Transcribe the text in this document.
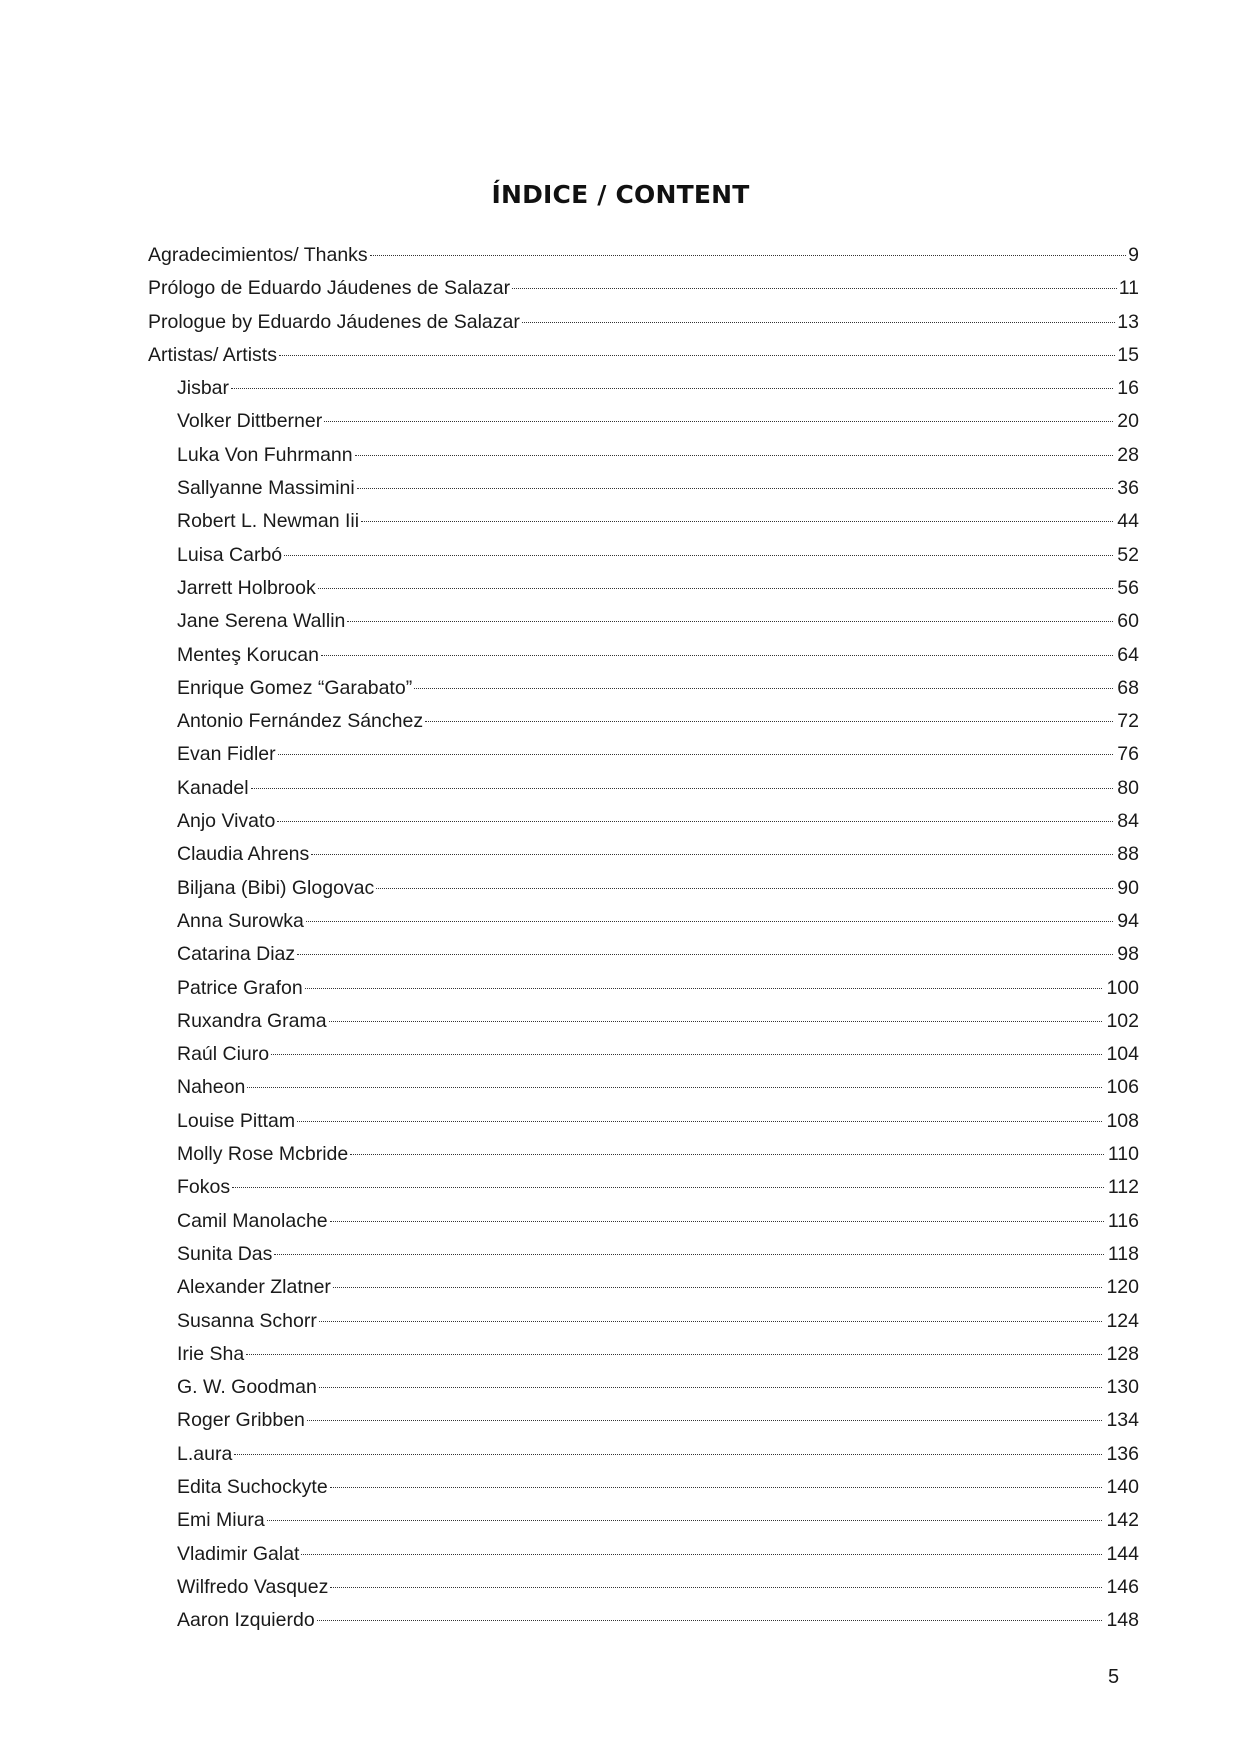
ÍNDICE / CONTENT
Agradecimientos/ Thanks	9
Prólogo de Eduardo Jáudenes de Salazar	11
Prologue by Eduardo Jáudenes de Salazar	13
Artistas/ Artists	15
Jisbar	16
Volker Dittberner	20
Luka Von Fuhrmann	28
Sallyanne Massimini	36
Robert L. Newman Iii	44
Luisa Carbó	52
Jarrett Holbrook	56
Jane Serena Wallin	60
Menteş Korucan	64
Enrique Gomez “Garabato”	68
Antonio Fernández Sánchez	72
Evan Fidler	76
Kanadel	80
Anjo Vivato	84
Claudia Ahrens	88
Biljana (Bibi) Glogovac	90
Anna Surowka	94
Catarina Diaz	98
Patrice Grafon	100
Ruxandra Grama	102
Raúl Ciuro	104
Naheon	106
Louise Pittam	108
Molly Rose Mcbride	110
Fokos	112
Camil Manolache	116
Sunita Das	118
Alexander Zlatner	120
Susanna Schorr	124
Irie Sha	128
G. W. Goodman	130
Roger Gribben	134
L.aura	136
Edita Suchockyte	140
Emi Miura	142
Vladimir Galat	144
Wilfredo Vasquez	146
Aaron Izquierdo	148
5
